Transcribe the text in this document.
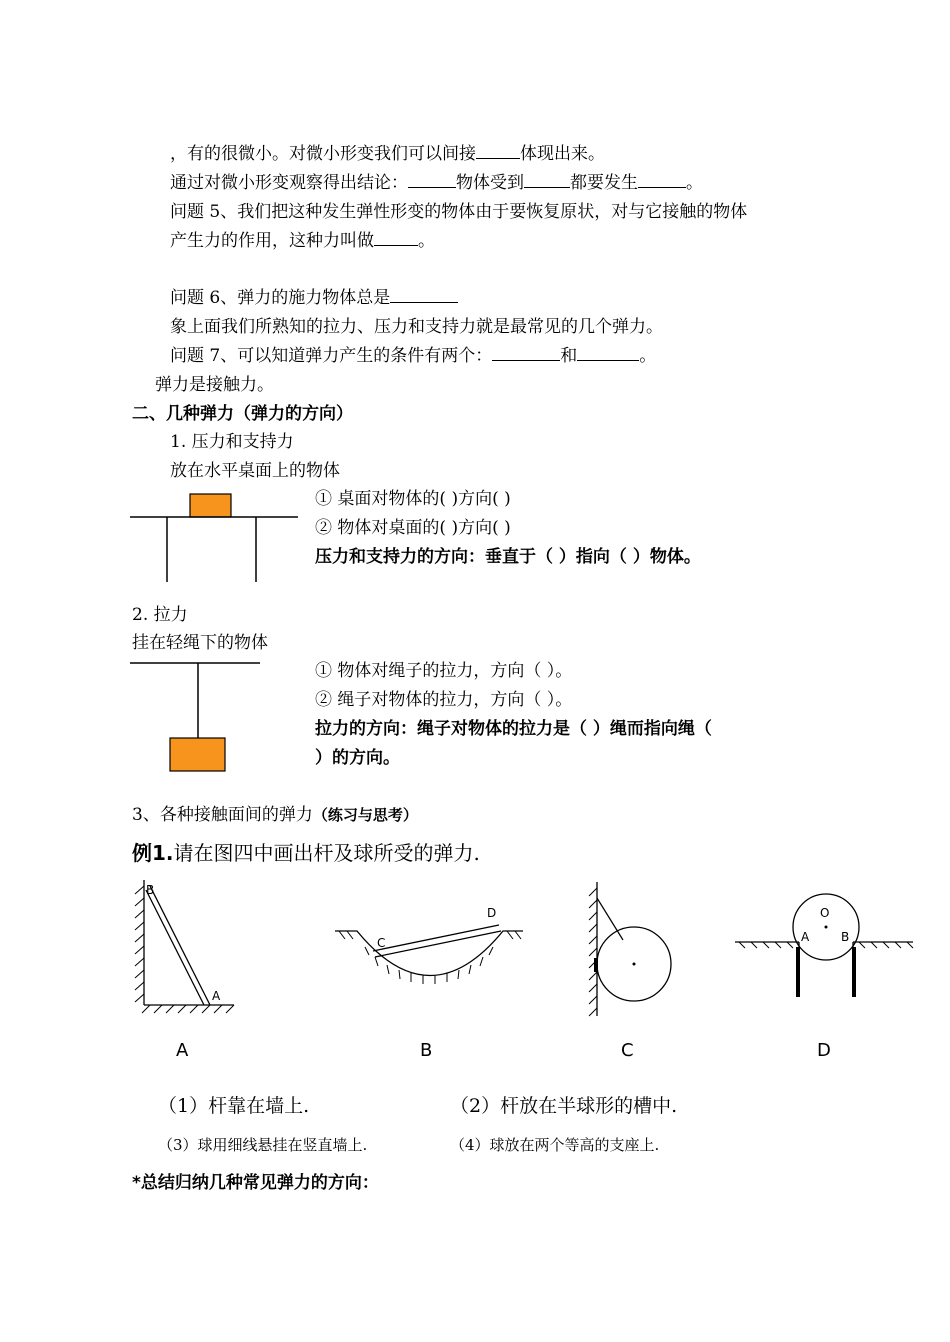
，有的很微小。对微小形变我们可以间接	体现出来。
通过对微小形变观察得出结论：	物体受到	都要发生	。
问题 5、我们把这种发生弹性形变的物体由于要恢复原状，对与它接触的物体
产生力的作用，这种力叫做	。
问题 6、弹力的施力物体总是
象上面我们所熟知的拉力、压力和支持力就是最常见的几个弹力。
问题 7、可以知道弹力产生的条件有两个：	和	。
弹力是接触力。
二、几种弹力（弹力的方向）
1. 压力和支持力
放在水平桌面上的物体
① 桌面对物体的( )方向( )
② 物体对桌面的( )方向( )
压力和支持力的方向：垂直于（ ）指向（ ）物体。
2. 拉力
挂在轻绳下的物体
① 物体对绳子的拉力，方向（ ）。
② 绳子对物体的拉力，方向（ ）。
拉力的方向：绳子对物体的拉力是（ ）绳而指向绳（
）的方向。
3、各种接触面间的弹力（练习与思考）
例1.请在图四中画出杆及球所受的弹力.
B
A
C
D	O
A	B
A	B	C	D
（1）杆靠在墙上.	（2）杆放在半球形的槽中.
（3）球用细线悬挂在竖直墙上.	（4）球放在两个等高的支座上.
*总结归纳几种常见弹力的方向：
